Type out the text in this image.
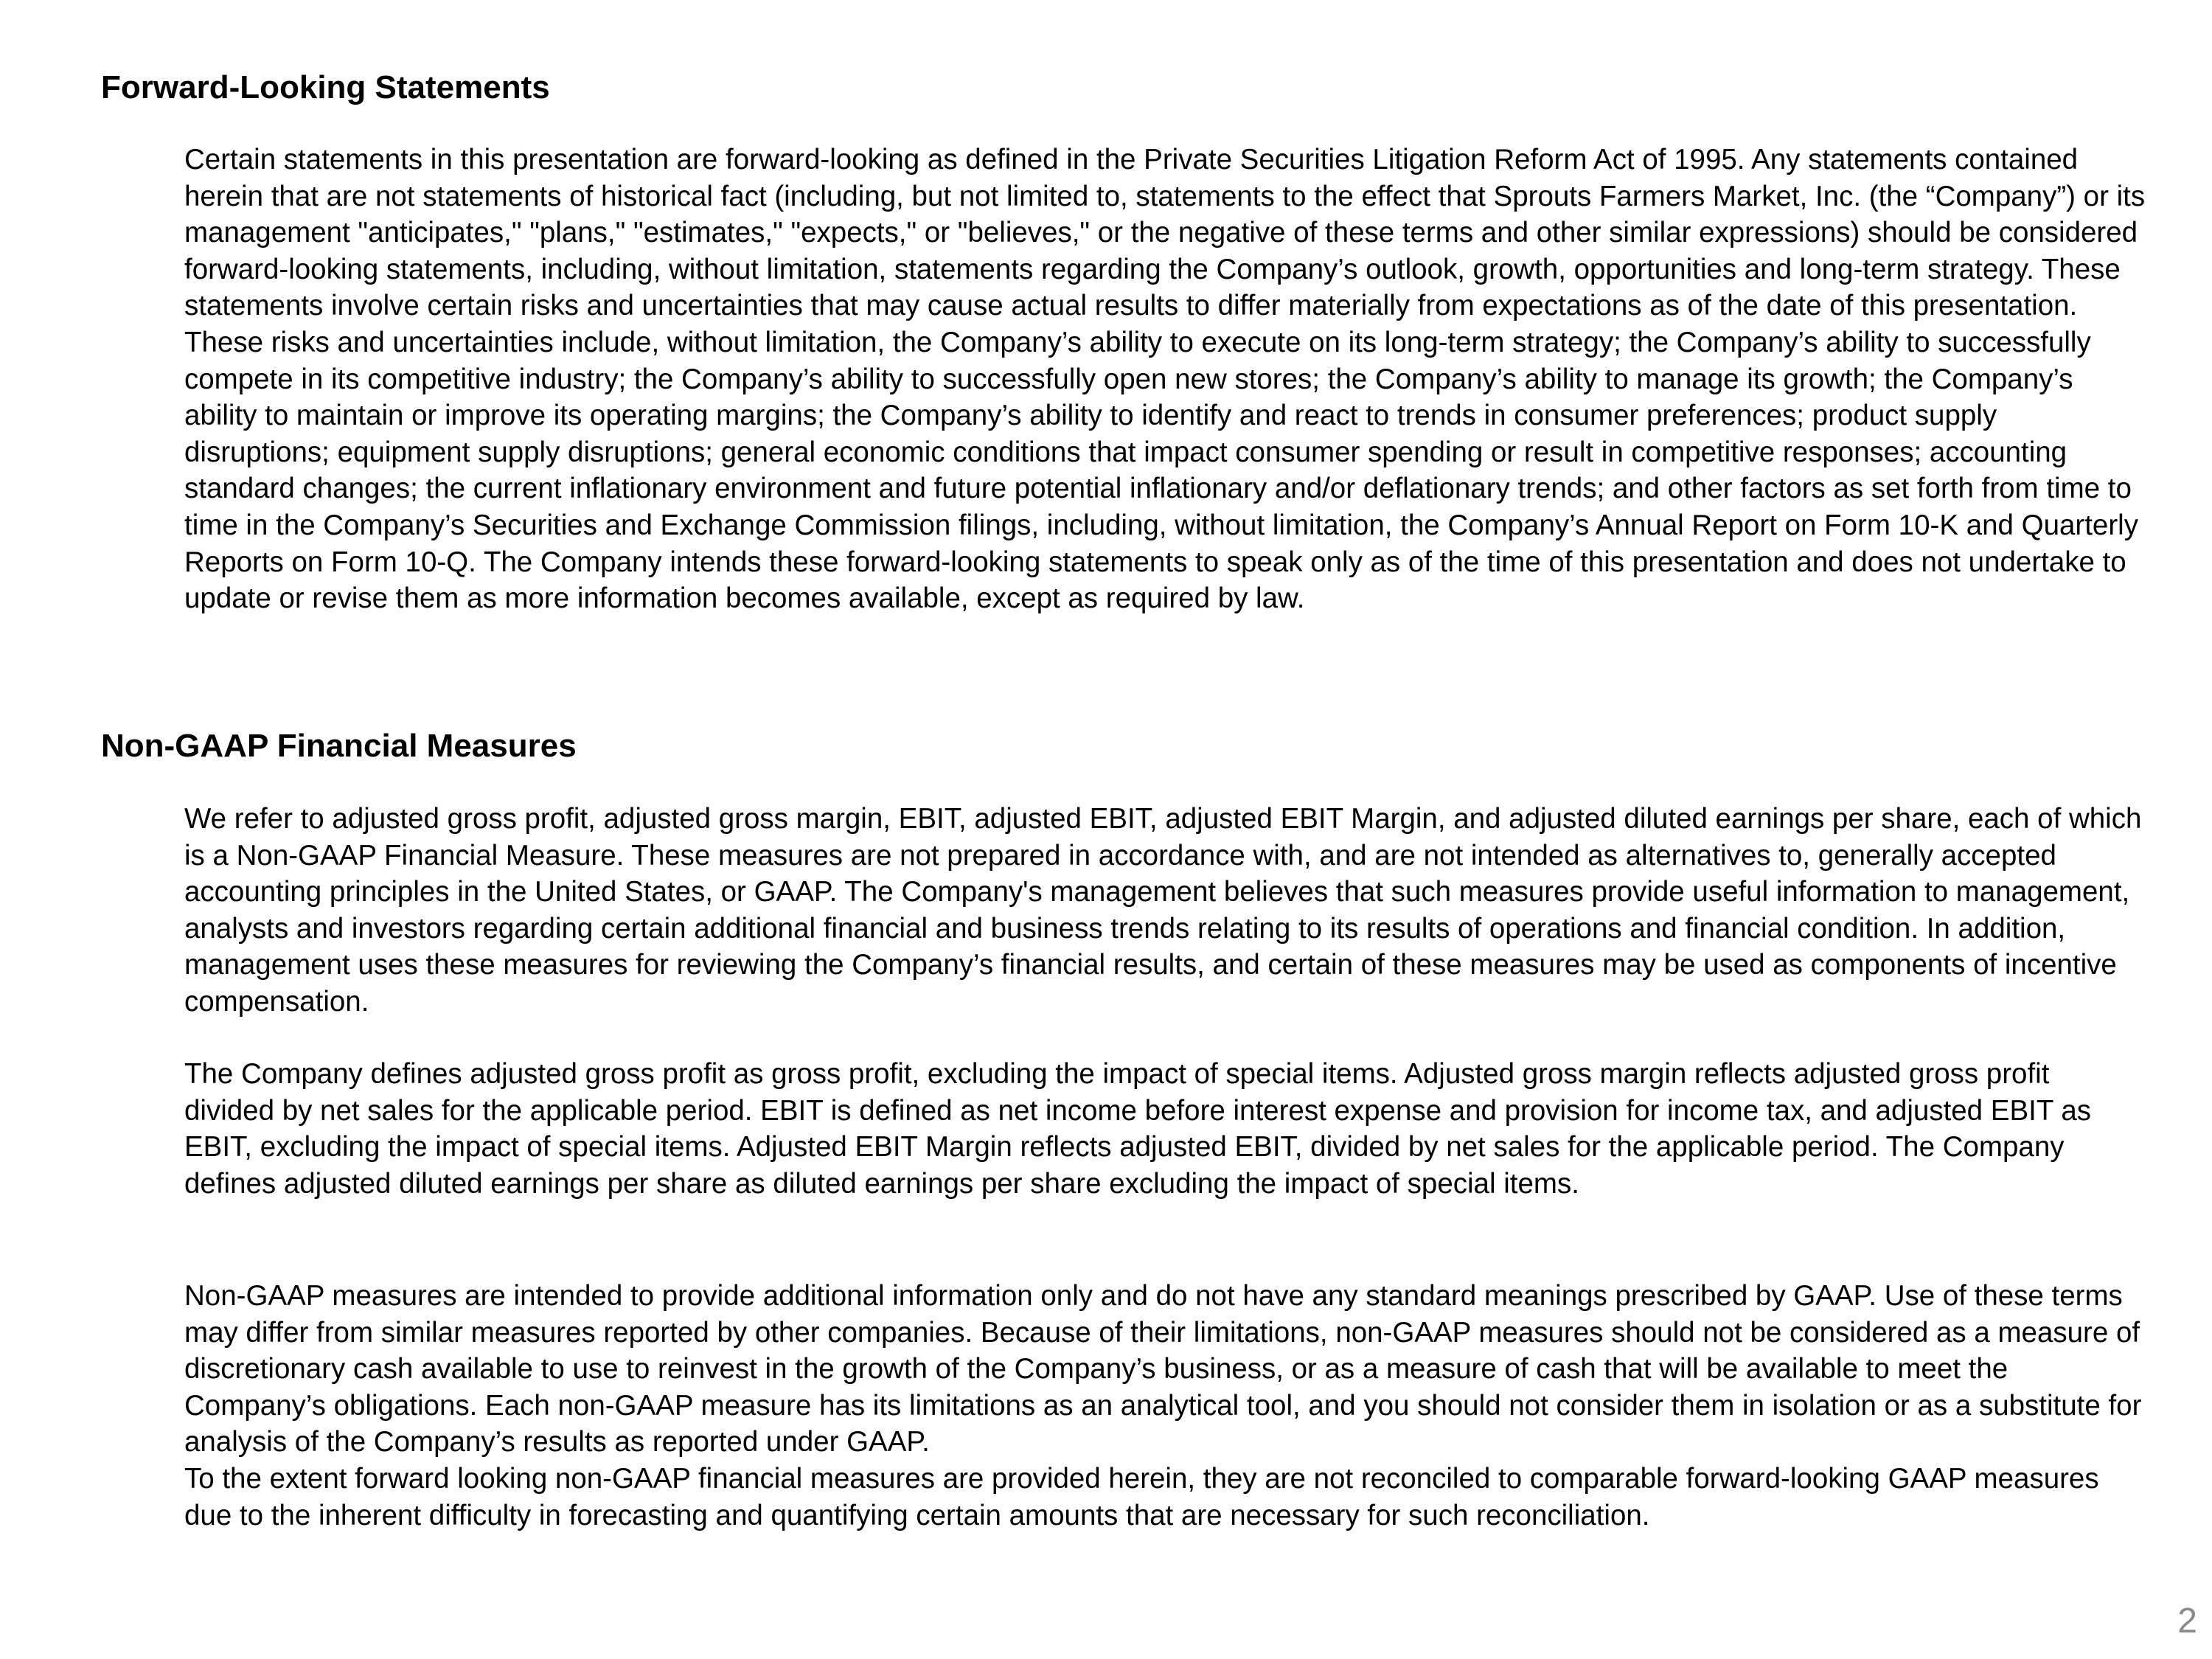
Forward-Looking Statements

Certain statements in this presentation are forward-looking as defined in the Private Securities Litigation Reform Act of 1995. Any statements contained herein that are not statements of historical fact (including, but not limited to, statements to the effect that Sprouts Farmers Market, Inc. (the “Company”) or its management "anticipates," "plans," "estimates," "expects," or "believes," or the negative of these terms and other similar expressions) should be considered forward-looking statements, including, without limitation, statements regarding the Company’s outlook, growth, opportunities and long-term strategy. These statements involve certain risks and uncertainties that may cause actual results to differ materially from expectations as of the date of this presentation. These risks and uncertainties include, without limitation, the Company’s ability to execute on its long-term strategy; the Company’s ability to successfully compete in its competitive industry; the Company’s ability to successfully open new stores; the Company’s ability to manage its growth; the Company’s ability to maintain or improve its operating margins; the Company’s ability to identify and react to trends in consumer preferences; product supply disruptions; equipment supply disruptions; general economic conditions that impact consumer spending or result in competitive responses; accounting standard changes; the current inflationary environment and future potential inflationary and/or deflationary trends; and other factors as set forth from time to time in the Company’s Securities and Exchange Commission filings, including, without limitation, the Company’s Annual Report on Form 10-K and Quarterly Reports on Form 10-Q. The Company intends these forward-looking statements to speak only as of the time of this presentation and does not undertake to update or revise them as more information becomes available, except as required by law.

Non-GAAP Financial Measures

We refer to adjusted gross profit, adjusted gross margin, EBIT, adjusted EBIT, adjusted EBIT Margin, and adjusted diluted earnings per share, each of which is a Non-GAAP Financial Measure. These measures are not prepared in accordance with, and are not intended as alternatives to, generally accepted accounting principles in the United States, or GAAP. The Company's management believes that such measures provide useful information to management, analysts and investors regarding certain additional financial and business trends relating to its results of operations and financial condition. In addition, management uses these measures for reviewing the Company’s financial results, and certain of these measures may be used as components of incentive compensation.

The Company defines adjusted gross profit as gross profit, excluding the impact of special items. Adjusted gross margin reflects adjusted gross profit divided by net sales for the applicable period. EBIT is defined as net income before interest expense and provision for income tax, and adjusted EBIT as EBIT, excluding the impact of special items. Adjusted EBIT Margin reflects adjusted EBIT, divided by net sales for the applicable period. The Company defines adjusted diluted earnings per share as diluted earnings per share excluding the impact of special items.

Non-GAAP measures are intended to provide additional information only and do not have any standard meanings prescribed by GAAP. Use of these terms may differ from similar measures reported by other companies. Because of their limitations, non-GAAP measures should not be considered as a measure of discretionary cash available to use to reinvest in the growth of the Company’s business, or as a measure of cash that will be available to meet the Company’s obligations. Each non-GAAP measure has its limitations as an analytical tool, and you should not consider them in isolation or as a substitute for analysis of the Company’s results as reported under GAAP.

To the extent forward looking non-GAAP financial measures are provided herein, they are not reconciled to comparable forward-looking GAAP measures due to the inherent difficulty in forecasting and quantifying certain amounts that are necessary for such reconciliation.

2
